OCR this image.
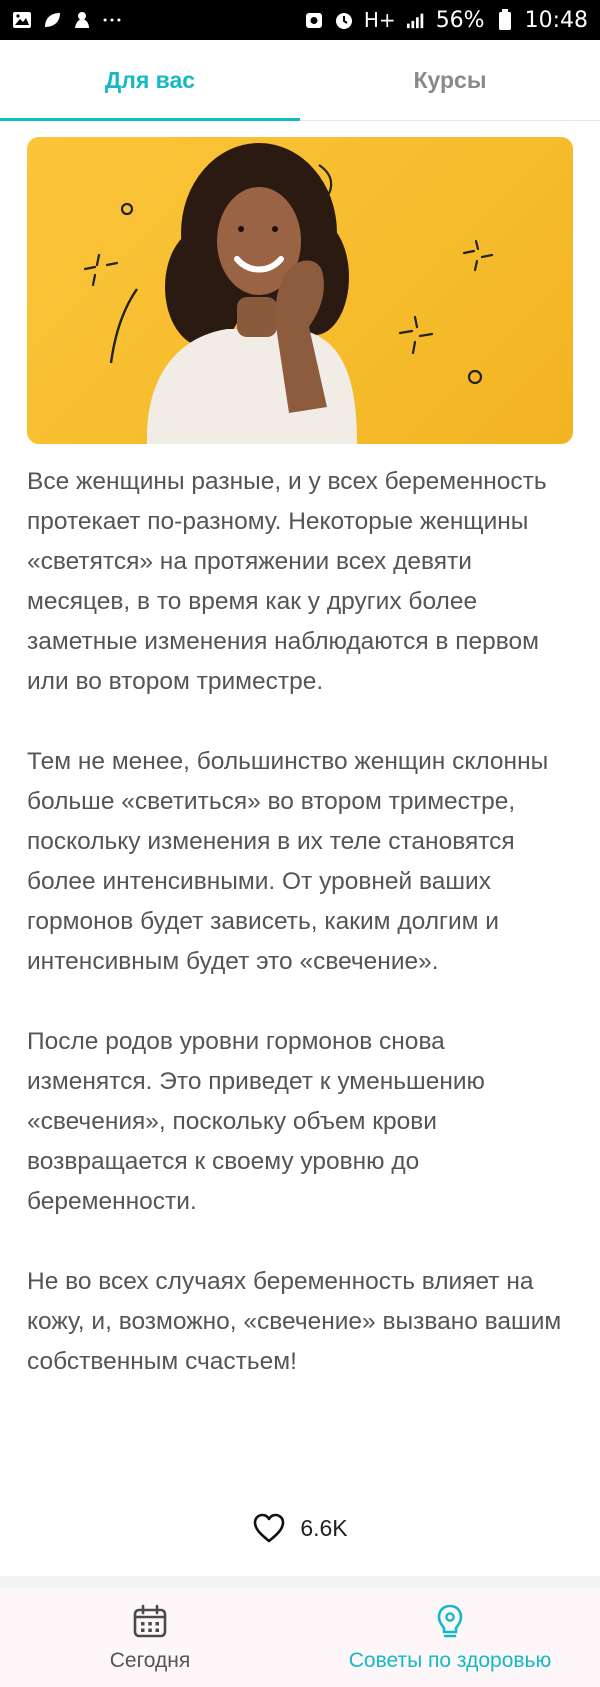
H+ 56% 10:48
Для вас	Курсы

Все женщины разные, и у всех беременность протекает по-разному. Некоторые женщины «светятся» на протяжении всех девяти месяцев, в то время как у других более заметные изменения наблюдаются в первом или во втором триместре.

Тем не менее, большинство женщин склонны больше «светиться» во втором триместре, поскольку изменения в их теле становятся более интенсивными. От уровней ваших гормонов будет зависеть, каким долгим и интенсивным будет это «свечение».

После родов уровни гормонов снова изменятся. Это приведет к уменьшению «свечения», поскольку объем крови возвращается к своему уровню до беременности.

Не во всех случаях беременность влияет на кожу, и, возможно, «свечение» вызвано вашим собственным счастьем!

6.6K
Сегодня	Советы по здоровью
